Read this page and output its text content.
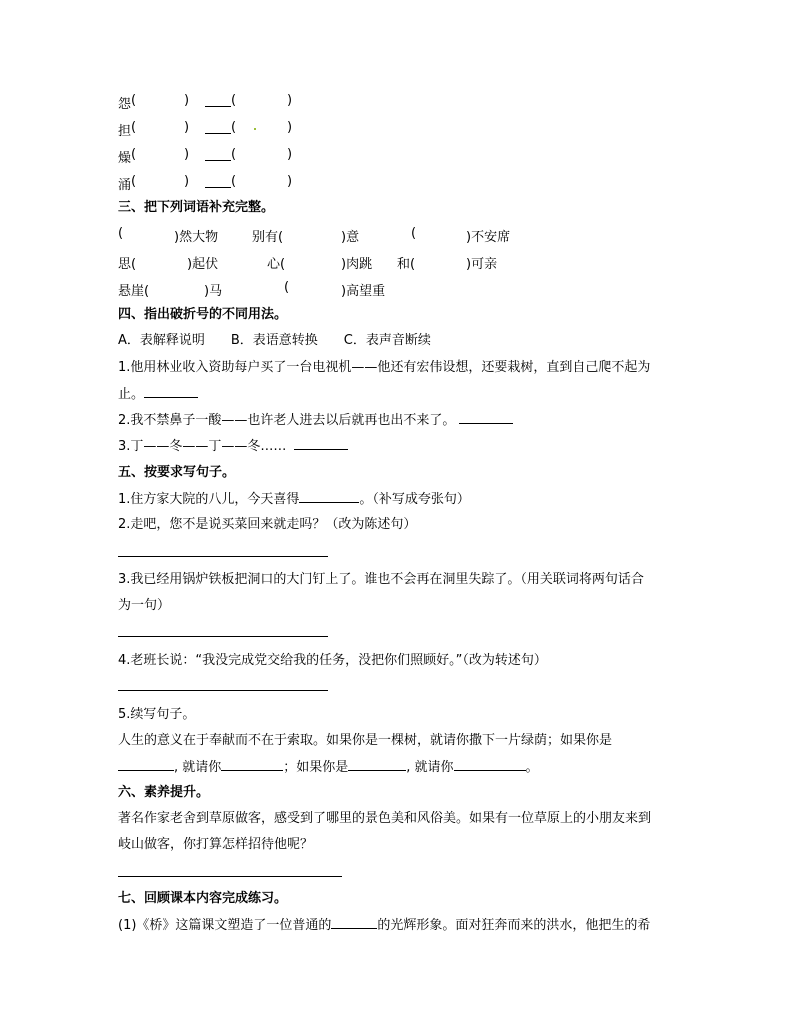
怨 (	)	(	)
担 (	)	(	)
燥 (	)	(	)
涌 (	)	(	)
三、把下列词语补充完整。
(	)然大物	别有(	)意	(	)不安席
思(	)起伏	心(	)肉跳 和(	)可亲
悬崖(	)马	(	)高望重
四、指出破折号的不同用法。
A．表解释说明　　B．表语意转换　　C．表声音断续
1.他用林业收入资助每户买了一台电视机——他还有宏伟设想，还要栽树，直到自己爬不起为
止。
2.我不禁鼻子一酸——也许老人进去以后就再也出不来了。
3.丁——冬——丁——冬……
五、按要求写句子。
1.住方家大院的八儿，今天喜得	。（补写成夸张句）
2.走吧，您不是说买菜回来就走吗？（改为陈述句）
3.我已经用锅炉铁板把洞口的大门钉上了。谁也不会再在洞里失踪了。（用关联词将两句话合
为一句）
4.老班长说：“我没完成党交给我的任务，没把你们照顾好。”（改为转述句）
5.续写句子。
人生的意义在于奉献而不在于索取。如果你是一棵树，就请你撒下一片绿荫；如果你是
, 就请你	；如果你是	, 就请你	。
六、素养提升。
著名作家老舍到草原做客，感受到了哪里的景色美和风俗美。如果有一位草原上的小朋友来到
岐山做客，你打算怎样招待他呢？
七、回顾课本内容完成练习。
(1)《桥》这篇课文塑造了一位普通的	的光辉形象。面对狂奔而来的洪水，他把生的希
